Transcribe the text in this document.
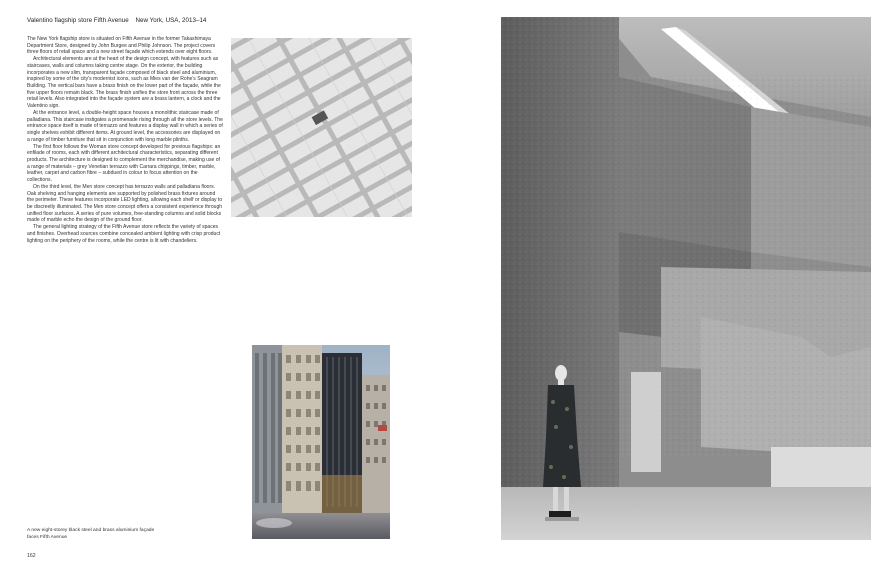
Valentino flagship store Fifth Avenue New York, USA, 2013–14

The New York flagship store is situated on Fifth Avenue in the former Takashimaya Department Store, designed by John Burgee and Philip Johnson. The project covers three floors of retail space and a new street façade which extends over eight floors.

Architectural elements are at the heart of the design concept, with features such as staircases, walls and columns taking centre stage. On the exterior, the building incorporates a new slim, transparent façade composed of black steel and aluminium, inspired by some of the city's modernist icons, such as Mies van der Rohe's Seagram Building. The vertical bars have a brass finish on the lower part of the façade, while the five upper floors remain black. The brass finish unifies the store front across the three retail levels. Also integrated into the façade system are a brass lantern, a clock and the Valentino sign.

At the entrance level, a double-height space houses a monolithic staircase made of palladiana. This staircase instigates a promenade rising through all the store levels. The entrance space itself is made of terrazzo and features a display wall in which a series of single shelves exhibit different items. At ground level, the accessories are displayed on a range of timber furniture that sit in conjunction with long marble plinths.

The first floor follows the Woman store concept developed for previous flagships: an enfilade of rooms, each with different architectural characteristics, separating different products. The architecture is designed to complement the merchandise, making use of a range of materials – grey Venetian terrazzo with Carrara chippings, timber, marble, leather, carpet and carbon fibre – subdued in colour to focus attention on the collections.

On the third level, the Men store concept has terrazzo walls and palladiana floors. Oak shelving and hanging elements are supported by polished brass fixtures around the perimeter. These features incorporate LED lighting, allowing each shelf or display to be discreetly illuminated. The Men store concept offers a consistent experience through unified floor surfaces. A series of pure volumes, free-standing columns and solid blocks made of marble echo the design of the ground floor.

The general lighting strategy of the Fifth Avenue store reflects the variety of spaces and finishes. Overhead sources combine concealed ambient lighting with crisp product lighting on the periphery of the rooms, while the centre is lit with chandeliers.

A new eight-storey black steel and brass aluminium façade faces Fifth Avenue
162
